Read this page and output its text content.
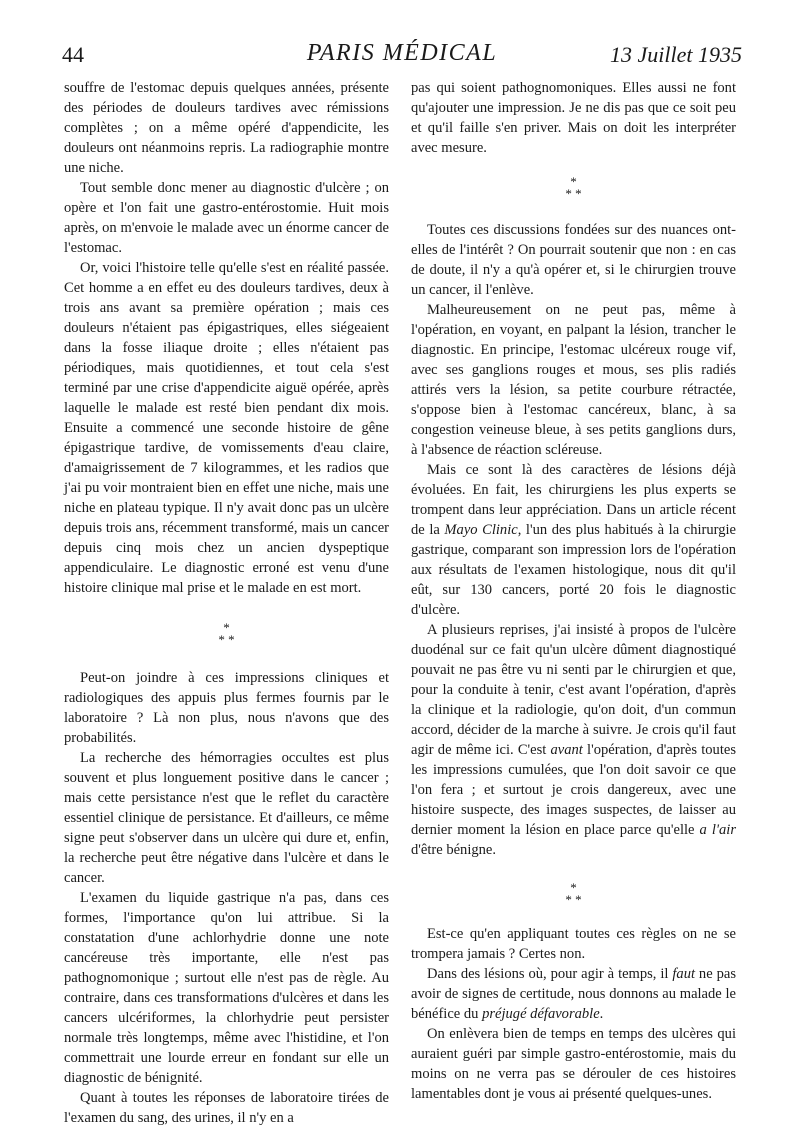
44	PARIS MÉDICAL	13 Juillet 1935

souffre de l'estomac depuis quelques années, présente des périodes de douleurs tardives avec rémissions complètes ; on a même opéré d'appendicite, les douleurs ont néanmoins repris. La radiographie montre une niche.

Tout semble donc mener au diagnostic d'ulcère ; on opère et l'on fait une gastro-entérostomie. Huit mois après, on m'envoie le malade avec un énorme cancer de l'estomac.

Or, voici l'histoire telle qu'elle s'est en réalité passée. Cet homme a en effet eu des douleurs tardives, deux à trois ans avant sa première opération ; mais ces douleurs n'étaient pas épigastriques, elles siégeaient dans la fosse iliaque droite ; elles n'étaient pas périodiques, mais quotidiennes, et tout cela s'est terminé par une crise d'appendicite aiguë opérée, après laquelle le malade est resté bien pendant dix mois. Ensuite a commencé une seconde histoire de gêne épigastrique tardive, de vomissements d'eau claire, d'amaigrissement de 7 kilogrammes, et les radios que j'ai pu voir montraient bien en effet une niche, mais une niche en plateau typique. Il n'y avait donc pas un ulcère depuis trois ans, récemment transformé, mais un cancer depuis cinq mois chez un ancien dyspeptique appendiculaire. Le diagnostic erroné est venu d'une histoire clinique mal prise et le malade en est mort.

*
* *

Peut-on joindre à ces impressions cliniques et radiologiques des appuis plus fermes fournis par le laboratoire ? Là non plus, nous n'avons que des probabilités.

La recherche des hémorragies occultes est plus souvent et plus longuement positive dans le cancer ; mais cette persistance n'est que le reflet du caractère essentiel clinique de persistance. Et d'ailleurs, ce même signe peut s'observer dans un ulcère qui dure et, enfin, la recherche peut être négative dans l'ulcère et dans le cancer.

L'examen du liquide gastrique n'a pas, dans ces formes, l'importance qu'on lui attribue. Si la constatation d'une achlorhydrie donne une note cancéreuse très importante, elle n'est pas pathognomonique ; surtout elle n'est pas de règle. Au contraire, dans ces transformations d'ulcères et dans les cancers ulcériformes, la chlorhydrie peut persister normale très longtemps, même avec l'histidine, et l'on commettrait une lourde erreur en fondant sur elle un diagnostic de bénignité.

Quant à toutes les réponses de laboratoire tirées de l'examen du sang, des urines, il n'y en a

pas qui soient pathognomoniques. Elles aussi ne font qu'ajouter une impression. Je ne dis pas que ce soit peu et qu'il faille s'en priver. Mais on doit les interpréter avec mesure.

*
* *

Toutes ces discussions fondées sur des nuances ont-elles de l'intérêt ? On pourrait soutenir que non : en cas de doute, il n'y a qu'à opérer et, si le chirurgien trouve un cancer, il l'enlève.

Malheureusement on ne peut pas, même à l'opération, en voyant, en palpant la lésion, trancher le diagnostic. En principe, l'estomac ulcéreux rouge vif, avec ses ganglions rouges et mous, ses plis radiés attirés vers la lésion, sa petite courbure rétractée, s'oppose bien à l'estomac cancéreux, blanc, à sa congestion veineuse bleue, à ses petits ganglions durs, à l'absence de réaction scléreuse.

Mais ce sont là des caractères de lésions déjà évoluées. En fait, les chirurgiens les plus experts se trompent dans leur appréciation. Dans un article récent de la Mayo Clinic, l'un des plus habitués à la chirurgie gastrique, comparant son impression lors de l'opération aux résultats de l'examen histologique, nous dit qu'il eût, sur 130 cancers, porté 20 fois le diagnostic d'ulcère.

A plusieurs reprises, j'ai insisté à propos de l'ulcère duodénal sur ce fait qu'un ulcère dûment diagnostiqué pouvait ne pas être vu ni senti par le chirurgien et que, pour la conduite à tenir, c'est avant l'opération, d'après la clinique et la radiologie, qu'on doit, d'un commun accord, décider de la marche à suivre. Je crois qu'il faut agir de même ici. C'est avant l'opération, d'après toutes les impressions cumulées, que l'on doit savoir ce que l'on fera ; et surtout je crois dangereux, avec une histoire suspecte, des images suspectes, de laisser au dernier moment la lésion en place parce qu'elle a l'air d'être bénigne.

*
* *

Est-ce qu'en appliquant toutes ces règles on ne se trompera jamais ? Certes non.

Dans des lésions où, pour agir à temps, il faut ne pas avoir de signes de certitude, nous donnons au malade le bénéfice du préjugé défavorable.

On enlèvera bien de temps en temps des ulcères qui auraient guéri par simple gastro-entérostomie, mais du moins on ne verra pas se dérouler de ces histoires lamentables dont je vous ai présenté quelques-unes.
